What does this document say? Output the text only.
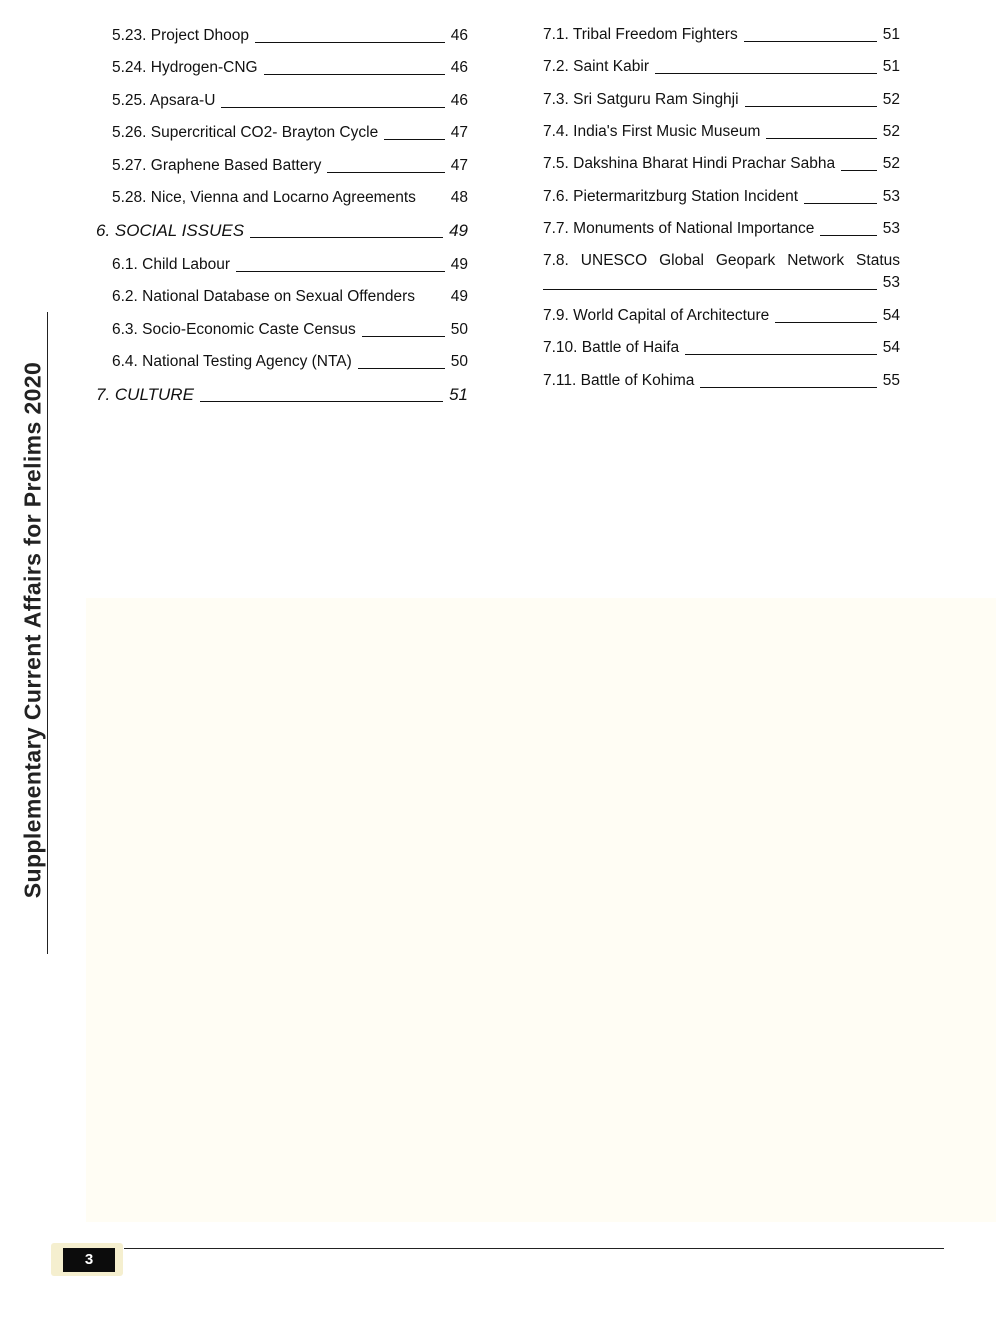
Supplementary Current Affairs for Prelims 2020
5.23. Project Dhoop	46
5.24. Hydrogen-CNG	46
5.25. Apsara-U	46
5.26. Supercritical CO2- Brayton Cycle	47
5.27. Graphene Based Battery	47
5.28. Nice, Vienna and Locarno Agreements 48
6. SOCIAL ISSUES	49
6.1. Child Labour	49
6.2. National Database on Sexual Offenders 49
6.3. Socio-Economic Caste Census	50
6.4. National Testing Agency (NTA)	50
7. CULTURE	51
7.1. Tribal Freedom Fighters	51
7.2. Saint Kabir	51
7.3. Sri Satguru Ram Singhji	52
7.4. India's First Music Museum	52
7.5. Dakshina Bharat Hindi Prachar Sabha	52
7.6. Pietermaritzburg Station Incident	53
7.7. Monuments of National Importance	53
7.8. UNESCO Global Geopark Network Status
53
7.9. World Capital of Architecture	54
7.10. Battle of Haifa	54
7.11. Battle of Kohima	55
3
